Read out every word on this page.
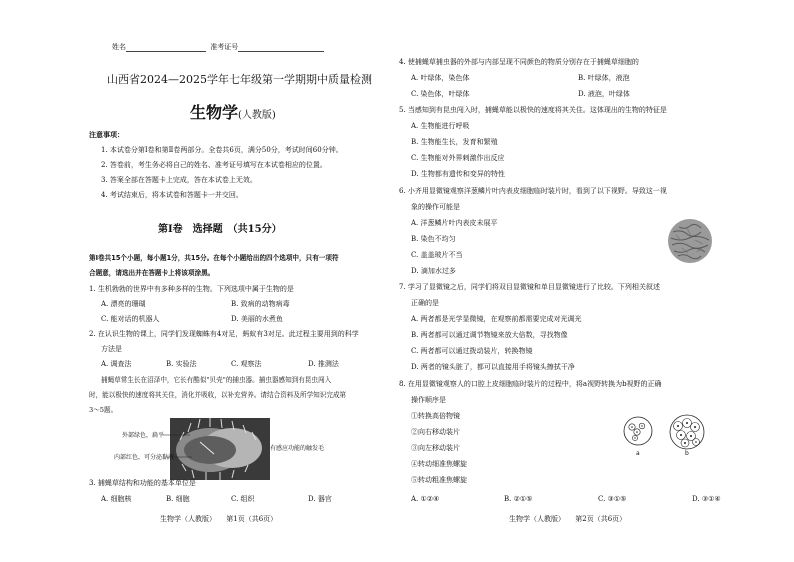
姓名	准考证号
山西省2024—2025学年七年级第一学期期中质量检测
生物学(人教版)
注意事项：
1. 本试卷分第Ⅰ卷和第Ⅱ卷两部分。全卷共6页，满分50分，考试时间60分钟。
2. 答卷前，考生务必将自己的姓名、准考证号填写在本试卷相应的位置。
3. 答案全部在答题卡上完成，答在本试卷上无效。
4. 考试结束后，将本试卷和答题卡一并交回。
第Ⅰ卷　选择题　（共15分）
第Ⅰ卷共15个小题，每小题1分，共15分。在每个小题给出的四个选项中，只有一项符
合题意，请选出并在答题卡上将该项涂黑。
1. 生机勃勃的世界中有多种多样的生物。下列选项中属于生物的是
A. 漂亮的珊瑚	B. 致病的动物病毒
C. 能对话的机器人	D. 美丽的水煮鱼
2. 在认识生物的课上，同学们发现蜘蛛有4对足，蚂蚁有3对足。此过程主要用到的科学
方法是
A. 调查法	B. 实验法	C. 观察法	D. 推测法
捕蝇草常生长在沼泽中，它长有酷似"贝壳"的捕虫器。捕虫器感知到有昆虫闯入
时，能以极快的速度将其关住，消化并吸收，以补充营养。请结合资料及所学知识完成第
3～5题。
外部绿色，扁平
内部红色，可分泌黏液
有感应功能的触发毛
3. 捕蝇草结构和功能的基本单位是
A. 细胞核	B. 细胞	C. 组织	D. 器官
生物学（人教版） 第1页（共6页）
4. 使捕蝇草捕虫器的外部与内部呈现不同颜色的物质分别存在于捕蝇草细胞的
A. 叶绿体，染色体	B. 叶绿体，液泡
C. 染色体，叶绿体	D. 液泡，叶绿体
5. 当感知到有昆虫闯入时，捕蝇草能以极快的速度将其关住。这体现出的生物的特征是
A. 生物能进行呼吸
B. 生物能生长，发育和繁殖
C. 生物能对外界刺激作出反应
D. 生物都有遗传和变异的特性
6. 小齐用显微镜观察洋葱鳞片叶内表皮细胞临时装片时，看到了以下视野。导致这一视
象的操作可能是
A. 洋葱鳞片叶内表皮未展平
B. 染色不均匀
C. 盖盖玻片不当
D. 滴加水过多
7. 学习了显微镜之后，同学们将双目显微镜和单目显微镜进行了比较。下列相关叙述
正确的是
A. 两者都是光学显微镜，在观察前都需要完成对光调光
B. 两者都可以通过调节物镜来放大倍数，寻找物像
C. 两者都可以通过拨动装片，转换物镜
D. 两者的镜头脏了，都可以直接用手将镜头擦拭干净
8. 在用显微镜观察人的口腔上皮细胞临时装片的过程中，将a视野转换为b视野的正确
操作顺序是
①转换高倍物镜
②向右移动装片
③向左移动装片
④转动细准焦螺旋
⑤转动粗准焦螺旋
a	b
A. ①②④	B. ②①⑤	C. ③①⑤	D. ③①④
生物学（人教版） 第2页（共6页）
